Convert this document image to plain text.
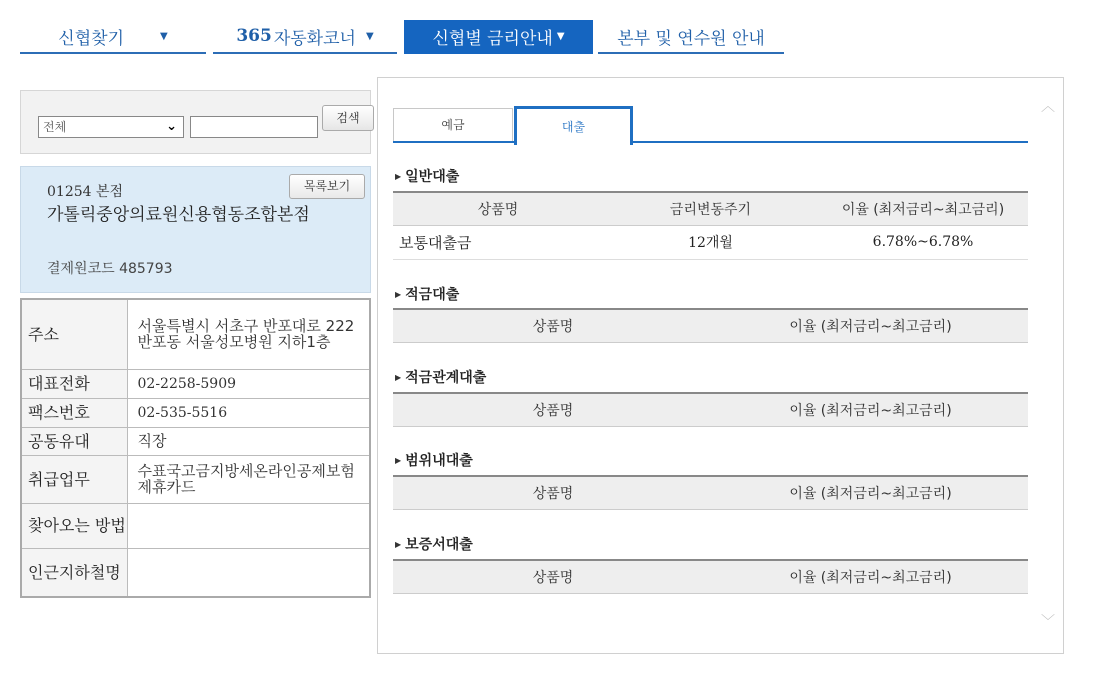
신협찾기	▼	365 자동화코너 ▼	신협별 금리안내 ▼	본부 및 연수원 안내
전체	⌄
검색
목록보기
01254 본점
가톨릭중앙의료원신용협동조합본점
결제원코드 485793
주소	서울특별시 서초구 반포대로 222 반포동 서울성모병원 지하1층
대표전화	02-2258-5909
팩스번호	02-535-5516
공동유대	직장
취급업무	수표국고금지방세온라인공제보험제휴카드
찾아오는 방법	
인근지하철명	
︿
﹀
예금	대출
▶ 일반대출
상품명	금리변동주기	이율 (최저금리~최고금리)
보통대출금	12개월	6.78%~6.78%
▶ 적금대출
상품명	이율 (최저금리~최고금리)
▶ 적금관계대출
상품명	이율 (최저금리~최고금리)
▶ 범위내대출
상품명	이율 (최저금리~최고금리)
▶ 보증서대출
상품명	이율 (최저금리~최고금리)
